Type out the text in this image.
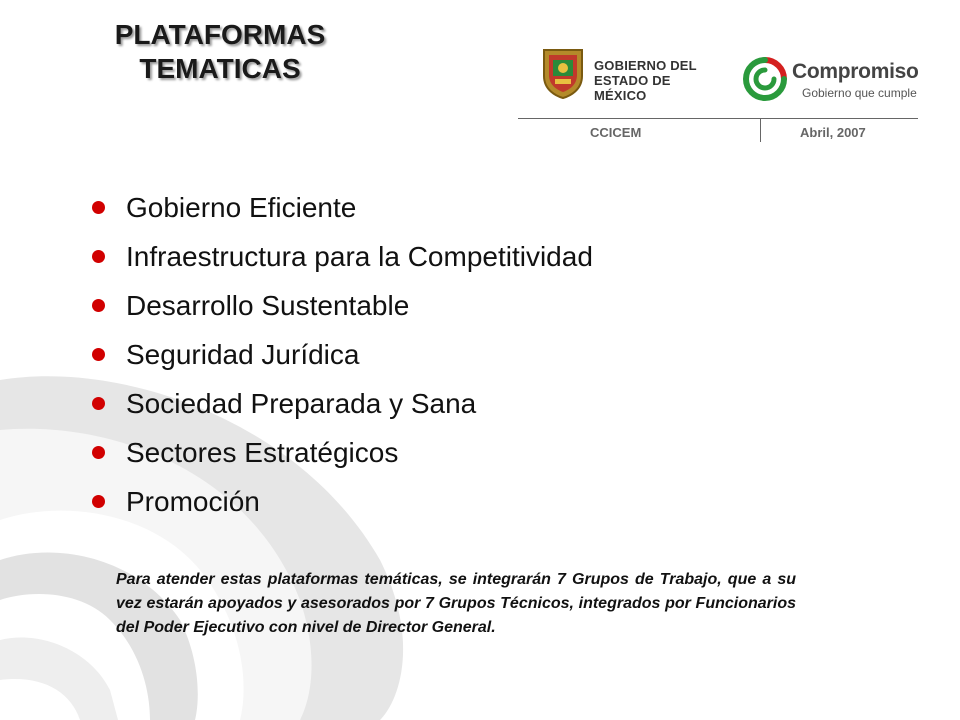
PLATAFORMAS
TEMATICAS	GOBIERNO DEL
ESTADO DE MÉXICO
Compromiso
Gobierno que cumple
CCICEM	Abril, 2007
Gobierno Eficiente
Infraestructura para la Competitividad
Desarrollo Sustentable
Seguridad Jurídica
Sociedad Preparada y Sana
Sectores Estratégicos
Promoción

Para atender estas plataformas temáticas, se integrarán 7 Grupos de Trabajo, que a su vez estarán apoyados y asesorados por 7 Grupos Técnicos, integrados por Funcionarios del Poder Ejecutivo con nivel de Director General.
